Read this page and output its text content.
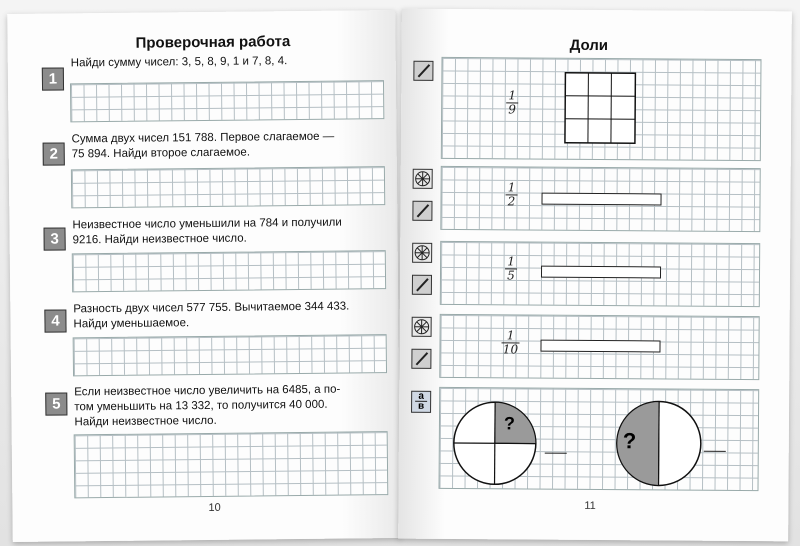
Проверочная работа
1
Найди сумму чисел: 3, 5, 8, 9, 1 и 7, 8, 4.
2
Сумма двух чисел 151 788. Первое слагаемое —
75 894. Найди второе слагаемое.
3
Неизвестное число уменьшили на 784 и получили
9216. Найди неизвестное число.
4
Разность двух чисел 577 755. Вычитаемое 344 433.
Найди уменьшаемое.
5
Если неизвестное число увеличить на 6485, а по-
том уменьшить на 13 332, то получится 40 000.
Найди неизвестное число.
10
Доли
1
9
1
2
1
5
1
10
а
в
?
?
11
